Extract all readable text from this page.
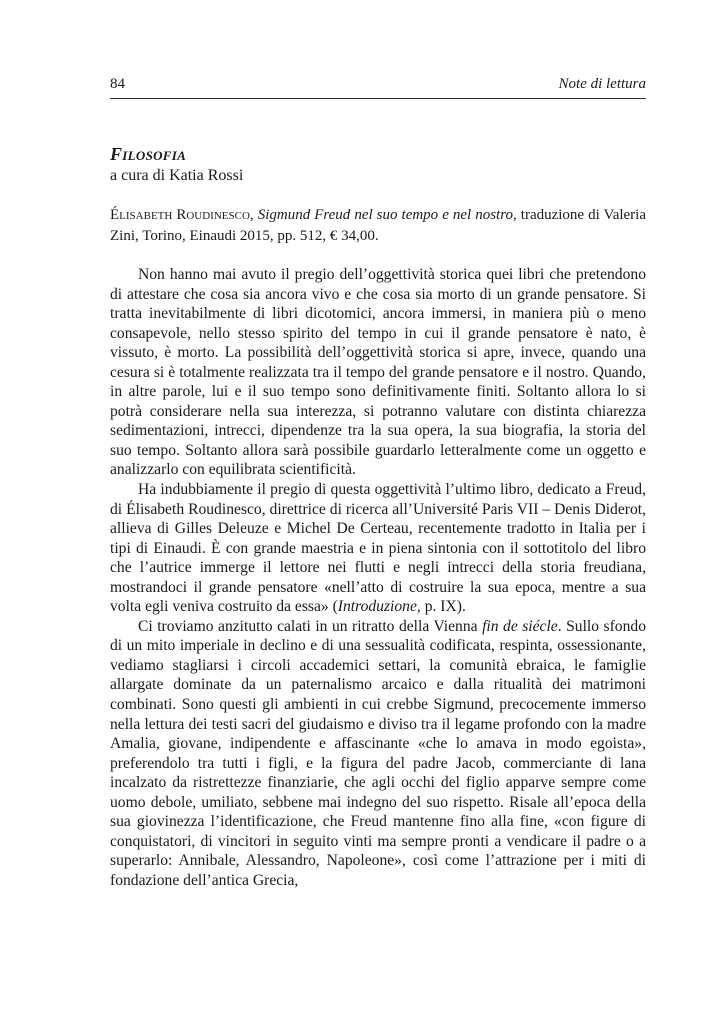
84	Note di lettura
Filosofia

a cura di Katia Rossi

Élisabeth Roudinesco, Sigmund Freud nel suo tempo e nel nostro, traduzione di Valeria Zini, Torino, Einaudi 2015, pp. 512, € 34,00.

Non hanno mai avuto il pregio dell’oggettività storica quei libri che pretendono di attestare che cosa sia ancora vivo e che cosa sia morto di un grande pensatore. Si tratta inevitabilmente di libri dicotomici, ancora immersi, in maniera più o meno consapevole, nello stesso spirito del tempo in cui il grande pensatore è nato, è vissuto, è morto. La possibilità dell’oggettività storica si apre, invece, quando una cesura si è totalmente realizzata tra il tempo del grande pensatore e il nostro. Quando, in altre parole, lui e il suo tempo sono definitivamente finiti. Soltanto allora lo si potrà considerare nella sua interezza, si potranno valutare con distinta chiarezza sedimentazioni, intrecci, dipendenze tra la sua opera, la sua biografia, la storia del suo tempo. Soltanto allora sarà possibile guardarlo letteralmente come un oggetto e analizzarlo con equilibrata scientificità.

Ha indubbiamente il pregio di questa oggettività l’ultimo libro, dedicato a Freud, di Élisabeth Roudinesco, direttrice di ricerca all’Université Paris VII – Denis Diderot, allieva di Gilles Deleuze e Michel De Certeau, recentemente tradotto in Italia per i tipi di Einaudi. È con grande maestria e in piena sintonia con il sottotitolo del libro che l’autrice immerge il lettore nei flutti e negli intrecci della storia freudiana, mostrandoci il grande pensatore «nell’atto di costruire la sua epoca, mentre a sua volta egli veniva costruito da essa» (Introduzione, p. IX).

Ci troviamo anzitutto calati in un ritratto della Vienna fin de siécle. Sullo sfondo di un mito imperiale in declino e di una sessualità codificata, respinta, ossessionante, vediamo stagliarsi i circoli accademici settari, la comunità ebraica, le famiglie allargate dominate da un paternalismo arcaico e dalla ritualità dei matrimoni combinati. Sono questi gli ambienti in cui crebbe Sigmund, precocemente immerso nella lettura dei testi sacri del giudaismo e diviso tra il legame profondo con la madre Amalia, giovane, indipendente e affascinante «che lo amava in modo egoista», preferendolo tra tutti i figli, e la figura del padre Jacob, commerciante di lana incalzato da ristrettezze finanziarie, che agli occhi del figlio apparve sempre come uomo debole, umiliato, sebbene mai indegno del suo rispetto. Risale all’epoca della sua giovinezza l’identificazione, che Freud mantenne fino alla fine, «con figure di conquistatori, di vincitori in seguito vinti ma sempre pronti a vendicare il padre o a superarlo: Annibale, Alessandro, Napoleone», così come l’attrazione per i miti di fondazione dell’antica Grecia,
